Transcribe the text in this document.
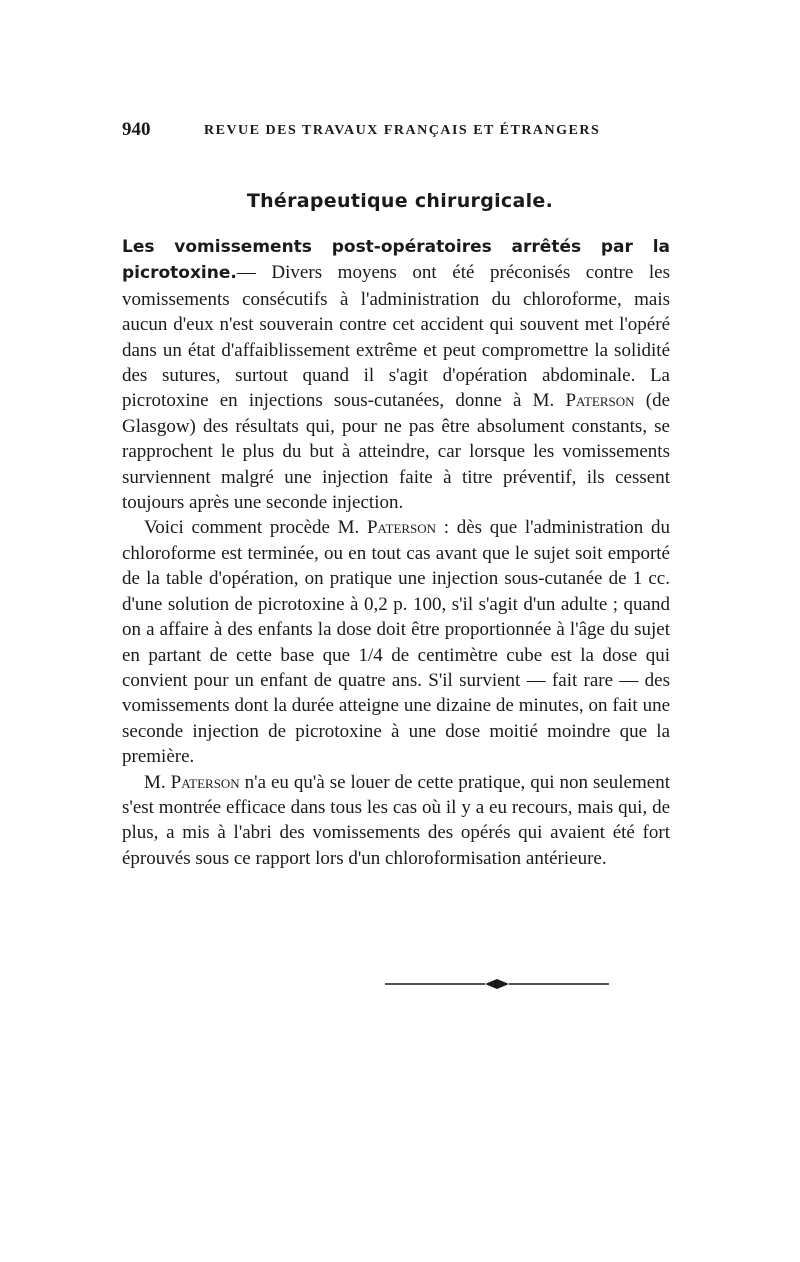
940	REVUE DES TRAVAUX FRANÇAIS ET ÉTRANGERS
Thérapeutique chirurgicale.

Les vomissements post-opératoires arrêtés par la picrotoxine.— Divers moyens ont été préconisés contre les vomissements consécutifs à l'administration du chloroforme, mais aucun d'eux n'est souverain contre cet accident qui souvent met l'opéré dans un état d'affaiblissement extrême et peut compromettre la solidité des sutures, surtout quand il s'agit d'opération abdominale. La picrotoxine en injections sous-cutanées, donne à M. Paterson (de Glasgow) des résultats qui, pour ne pas être absolument constants, se rapprochent le plus du but à atteindre, car lorsque les vomissements surviennent malgré une injection faite à titre préventif, ils cessent toujours après une seconde injection.

Voici comment procède M. Paterson : dès que l'administration du chloroforme est terminée, ou en tout cas avant que le sujet soit emporté de la table d'opération, on pratique une injection sous-cutanée de 1 cc. d'une solution de picrotoxine à 0,2 p. 100, s'il s'agit d'un adulte ; quand on a affaire à des enfants la dose doit être proportionnée à l'âge du sujet en partant de cette base que 1/4 de centimètre cube est la dose qui convient pour un enfant de quatre ans. S'il survient — fait rare — des vomissements dont la durée atteigne une dizaine de minutes, on fait une seconde injection de picrotoxine à une dose moitié moindre que la première.

M. Paterson n'a eu qu'à se louer de cette pratique, qui non seulement s'est montrée efficace dans tous les cas où il y a eu recours, mais qui, de plus, a mis à l'abri des vomissements des opérés qui avaient été fort éprouvés sous ce rapport lors d'un chloroformisation antérieure.
